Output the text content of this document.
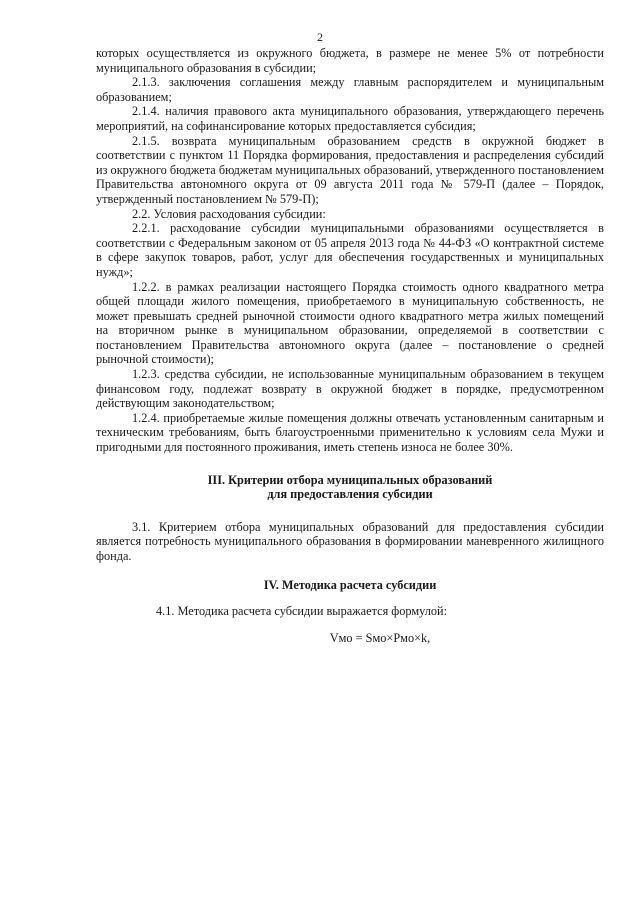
2

которых осуществляется из окружного бюджета, в размере не менее 5% от потребности муниципального образования в субсидии;

2.1.3. заключения соглашения между главным распорядителем и муниципальным образованием;

2.1.4. наличия правового акта муниципального образования, утверждающего перечень мероприятий, на софинансирование которых предоставляется субсидия;

2.1.5. возврата муниципальным образованием средств в окружной бюджет в соответствии с пунктом 11 Порядка формирования, предоставления и распределения субсидий из окружного бюджета бюджетам муниципальных образований, утвержденного постановлением Правительства автономного округа от 09 августа 2011 года № 579-П (далее – Порядок, утвержденный постановлением № 579-П);

2.2. Условия расходования субсидии:

2.2.1. расходование субсидии муниципальными образованиями осуществляется в соответствии с Федеральным законом от 05 апреля 2013 года № 44-ФЗ «О контрактной системе в сфере закупок товаров, работ, услуг для обеспечения государственных и муниципальных нужд»;

1.2.2. в рамках реализации настоящего Порядка стоимость одного квадратного метра общей площади жилого помещения, приобретаемого в муниципальную собственность, не может превышать средней рыночной стоимости одного квадратного метра жилых помещений на вторичном рынке в муниципальном образовании, определяемой в соответствии с постановлением Правительства автономного округа (далее – постановление о средней рыночной стоимости);

1.2.3. средства субсидии, не использованные муниципальным образованием в текущем финансовом году, подлежат возврату в окружной бюджет в порядке, предусмотренном действующим законодательством;

1.2.4. приобретаемые жилые помещения должны отвечать установленным санитарным и техническим требованиям, быть благоустроенными применительно к условиям села Мужи и пригодными для постоянного проживания, иметь степень износа не более 30%.

III. Критерии отбора муниципальных образований

для предоставления субсидии

3.1. Критерием отбора муниципальных образований для предоставления субсидии является потребность муниципального образования в формировании маневренного жилищного фонда.

IV. Методика расчета субсидии

4.1. Методика расчета субсидии выражается формулой:

Vмо = Sмо×Pмо×k,
